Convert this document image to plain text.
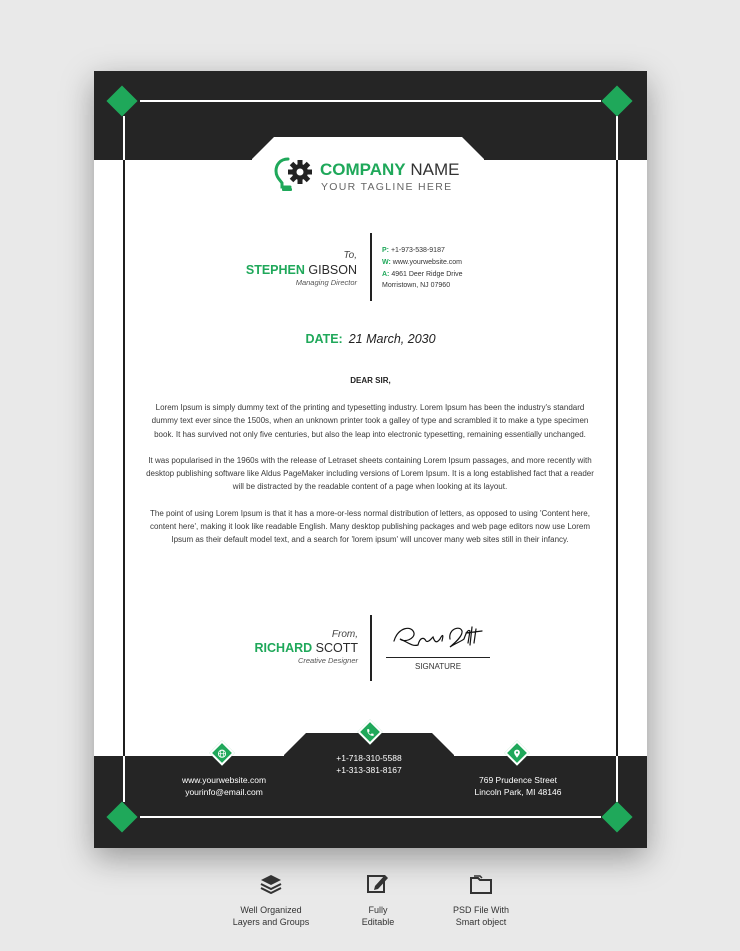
COMPANY NAME
YOUR TAGLINE HERE
To,
STEPHEN GIBSON
Managing Director
P: +1-973-538-9187
W: www.yourwebsite.com
A: 4961 Deer Ridge Drive
Morristown, NJ 07960
DATE: 21 March, 2030
DEAR SIR,

Lorem Ipsum is simply dummy text of the printing and typesetting industry. Lorem Ipsum has been the industry's standard dummy text ever since the 1500s, when an unknown printer took a galley of type and scrambled it to make a type specimen book. It has survived not only five centuries, but also the leap into electronic typesetting, remaining essentially unchanged.

It was popularised in the 1960s with the release of Letraset sheets containing Lorem Ipsum passages, and more recently with desktop publishing software like Aldus PageMaker including versions of Lorem Ipsum. It is a long established fact that a reader will be distracted by the readable content of a page when looking at its layout.

The point of using Lorem Ipsum is that it has a more-or-less normal distribution of letters, as opposed to using 'Content here, content here', making it look like readable English. Many desktop publishing packages and web page editors now use Lorem Ipsum as their default model text, and a search for 'lorem ipsum' will uncover many web sites still in their infancy.

From,
RICHARD SCOTT
Creative Designer
SIGNATURE
www.yourwebsite.com
yourinfo@email.com
+1-718-310-5588
+1-313-381-8167
769 Prudence Street
Lincoln Park, MI 48146
Well Organized
Layers and Groups
Fully
Editable
PSD File With
Smart object
